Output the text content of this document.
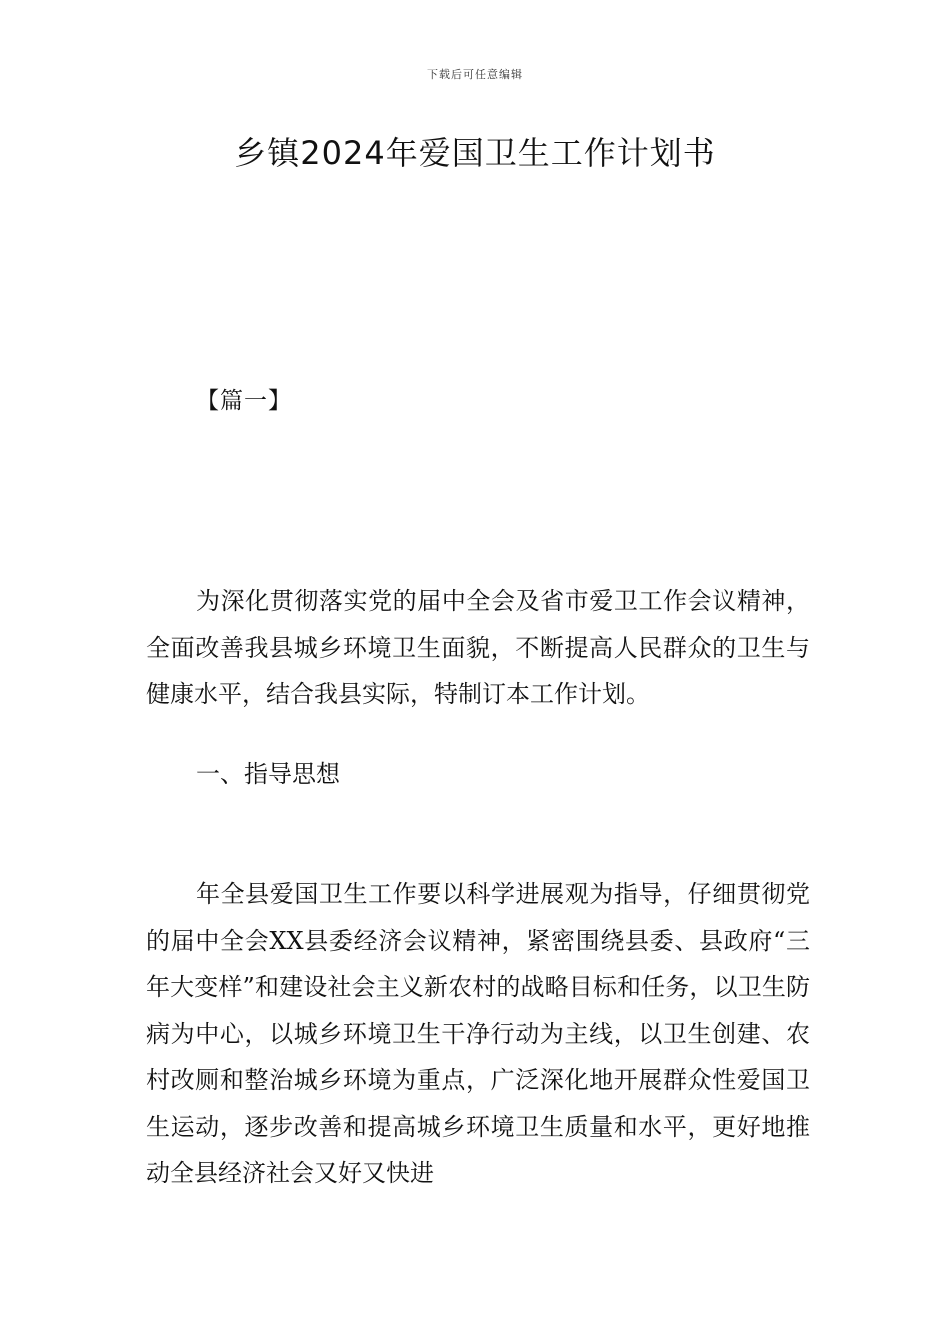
下载后可任意编辑
乡镇2024年爱国卫生工作计划书
【篇一】

为深化贯彻落实党的届中全会及省市爱卫工作会议精神，全面改善我县城乡环境卫生面貌，不断提高人民群众的卫生与健康水平，结合我县实际，特制订本工作计划。

一、指导思想

年全县爱国卫生工作要以科学进展观为指导，仔细贯彻党的届中全会XX县委经济会议精神，紧密围绕县委、县政府“三年大变样”和建设社会主义新农村的战略目标和任务，以卫生防病为中心，以城乡环境卫生干净行动为主线，以卫生创建、农村改厕和整治城乡环境为重点，广泛深化地开展群众性爱国卫生运动，逐步改善和提高城乡环境卫生质量和水平，更好地推动全县经济社会又好又快进
